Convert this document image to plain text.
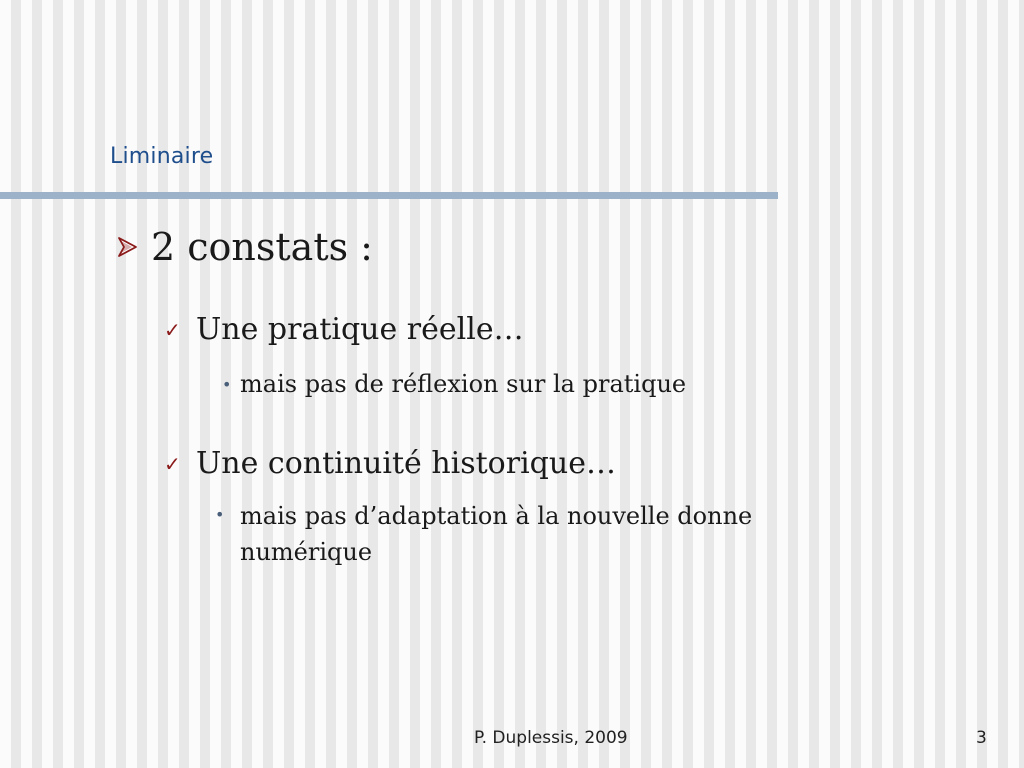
Liminaire
2 constats :
✓ Une pratique réelle…
• mais pas de réflexion sur la pratique
✓ Une continuité historique…
• mais pas d’adaptation à la nouvelle donne numérique
P. Duplessis, 2009	3
